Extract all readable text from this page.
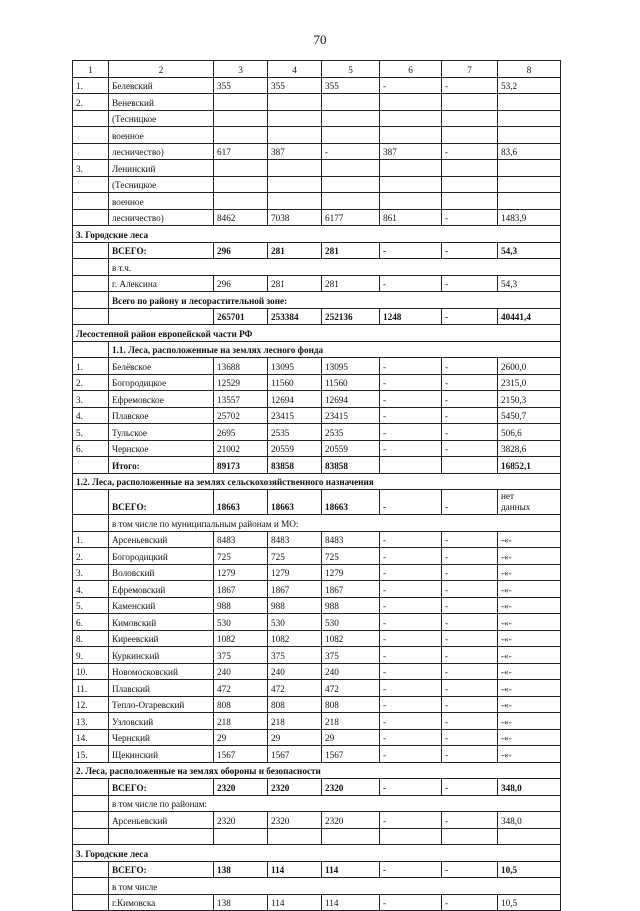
70
1	2	3	4	5	6	7	8
1.	Белевский	355	355	355	-	-	53,2
2.	Веневский						
	(Тесницкое						
	военное						
	лесничество)	617	387	-	387	-	83,6
3.	Ленинский						
	(Тесницкое						
	военное						
	лесничество)	8462	7038	6177	861	-	1483,9
3. Городские леса							
	ВСЕГО:	296	281	281	-	-	54,3
	в т.ч.						
	г. Алексина	296	281	281	-	-	54,3
	Всего по району и лесорастительной зоне:						
		265701	253384	252136	1248	-	40441,4
Лесостепной район европейской части РФ							
	1.1. Леса, расположенные на землях лесного фонда						
1.	Белёвское	13688	13095	13095	-	-	2600,0
2.	Богородицкое	12529	11560	11560	-	-	2315,0
3.	Ефремовское	13557	12694	12694	-	-	2150,3
4.	Плавское	25702	23415	23415	-	-	5450,7
5.	Тульское	2695	2535	2535	-	-	506,6
6.	Чернское	21002	20559	20559	-	-	3828,6
	Итого:	89173	83858	83858			16852,1
1.2. Леса, расположенные на землях сельскохозяйственного назначения							
	ВСЕГО:	18663	18663	18663	-	-	нет
данных

	в том числе по муниципальным районам и МО:						
1.	Арсеньевский	8483	8483	8483	-	-	-«-
2.	Богородицкий	725	725	725	-	-	-«-
3.	Воловский	1279	1279	1279	-	-	-«-
4.	Ефремовский	1867	1867	1867	-	-	-«-
5.	Каменский	988	988	988	-	-	-«-
6.	Кимовский	530	530	530	-	-	-«-
8.	Киреевский	1082	1082	1082	-	-	-«-
9.	Куркинский	375	375	375	-	-	-«-
10.	Новомосковский	240	240	240	-	-	-«-
11.	Плавский	472	472	472	-	-	-«-
12.	Тепло-Огаревский	808	808	808	-	-	-«-
13.	Узловский	218	218	218	-	-	-«-
14.	Чернский	29	29	29	-	-	-«-
15.	Щекинский	1567	1567	1567	-	-	-«-
2. Леса, расположенные на землях обороны и безопасности							
	ВСЕГО:	2320	2320	2320	-	-	348,0
	в том числе по районам:						
	Арсеньевский	2320	2320	2320	-	-	348,0

3. Городские леса							
	ВСЕГО:	138	114	114	-	-	10,5
	в том числе						
	г.Кимовска	138	114	114	-	-	10,5
